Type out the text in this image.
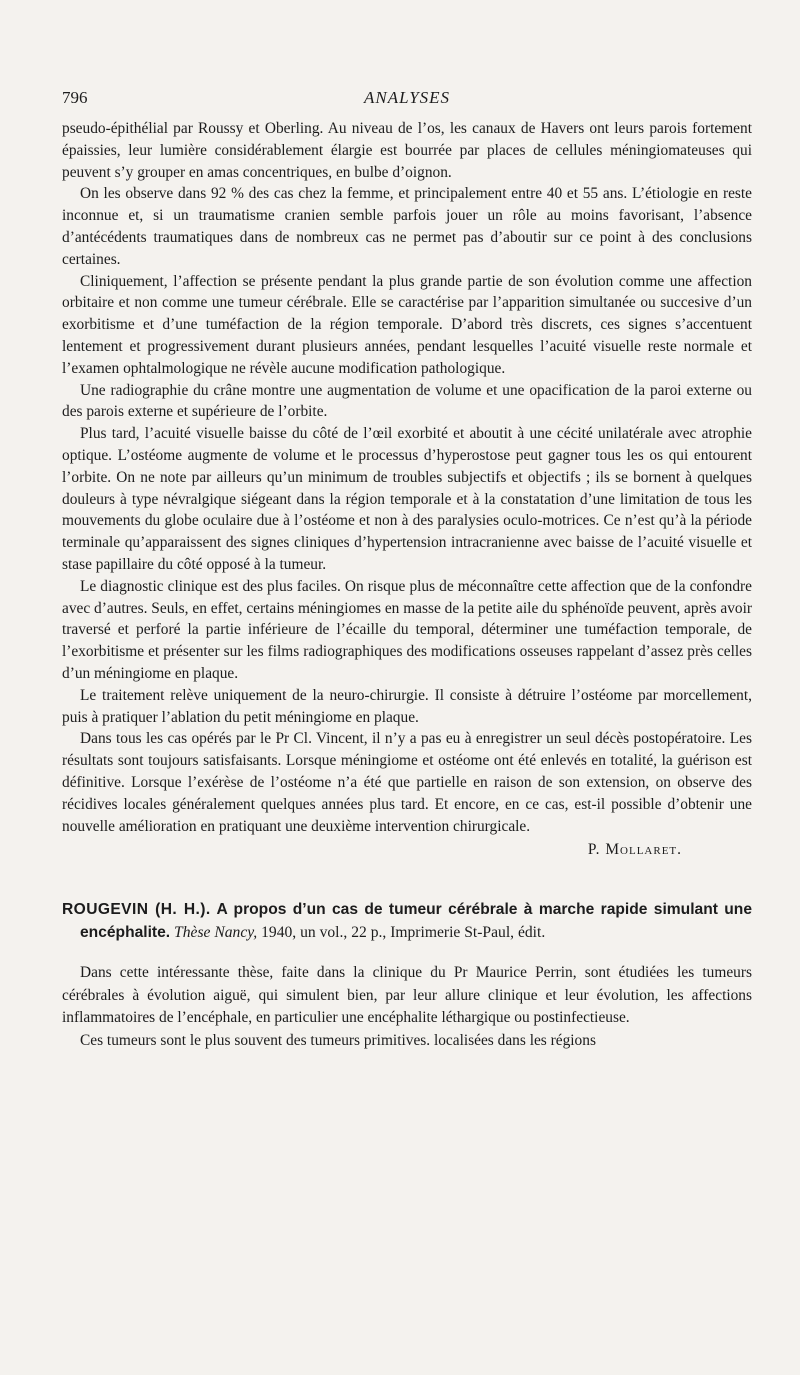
796	ANALYSES

pseudo-épithélial par Roussy et Oberling. Au niveau de l’os, les canaux de Havers ont leurs parois fortement épaissies, leur lumière considérablement élargie est bourrée par places de cellules méningiomateuses qui peuvent s’y grouper en amas concentriques, en bulbe d’oignon.

On les observe dans 92 % des cas chez la femme, et principalement entre 40 et 55 ans. L’étiologie en reste inconnue et, si un traumatisme cranien semble parfois jouer un rôle au moins favorisant, l’absence d’antécédents traumatiques dans de nombreux cas ne permet pas d’aboutir sur ce point à des conclusions certaines.

Cliniquement, l’affection se présente pendant la plus grande partie de son évolution comme une affection orbitaire et non comme une tumeur cérébrale. Elle se caractérise par l’apparition simultanée ou succesive d’un exorbitisme et d’une tuméfaction de la région temporale. D’abord très discrets, ces signes s’accentuent lentement et progressivement durant plusieurs années, pendant lesquelles l’acuité visuelle reste normale et l’examen ophtalmologique ne révèle aucune modification pathologique.

Une radiographie du crâne montre une augmentation de volume et une opacification de la paroi externe ou des parois externe et supérieure de l’orbite.

Plus tard, l’acuité visuelle baisse du côté de l’œil exorbité et aboutit à une cécité unilatérale avec atrophie optique. L’ostéome augmente de volume et le processus d’hyperostose peut gagner tous les os qui entourent l’orbite. On ne note par ailleurs qu’un minimum de troubles subjectifs et objectifs ; ils se bornent à quelques douleurs à type névralgique siégeant dans la région temporale et à la constatation d’une limitation de tous les mouvements du globe oculaire due à l’ostéome et non à des paralysies oculo-motrices. Ce n’est qu’à la période terminale qu’apparaissent des signes cliniques d’hypertension intracranienne avec baisse de l’acuité visuelle et stase papillaire du côté opposé à la tumeur.

Le diagnostic clinique est des plus faciles. On risque plus de méconnaître cette affection que de la confondre avec d’autres. Seuls, en effet, certains méningiomes en masse de la petite aile du sphénoïde peuvent, après avoir traversé et perforé la partie inférieure de l’écaille du temporal, déterminer une tuméfaction temporale, de l’exorbitisme et présenter sur les films radiographiques des modifications osseuses rappelant d’assez près celles d’un méningiome en plaque.

Le traitement relève uniquement de la neuro-chirurgie. Il consiste à détruire l’ostéome par morcellement, puis à pratiquer l’ablation du petit méningiome en plaque.

Dans tous les cas opérés par le Pr Cl. Vincent, il n’y a pas eu à enregistrer un seul décès postopératoire. Les résultats sont toujours satisfaisants. Lorsque méningiome et ostéome ont été enlevés en totalité, la guérison est définitive. Lorsque l’exérèse de l’ostéome n’a été que partielle en raison de son extension, on observe des récidives locales généralement quelques années plus tard. Et encore, en ce cas, est-il possible d’obtenir une nouvelle amélioration en pratiquant une deuxième intervention chirurgicale.

P. Mollaret.

ROUGEVIN (H. H.). A propos d’un cas de tumeur cérébrale à marche rapide simulant une encéphalite. Thèse Nancy, 1940, un vol., 22 p., Imprimerie St-Paul, édit.

Dans cette intéressante thèse, faite dans la clinique du Pr Maurice Perrin, sont étudiées les tumeurs cérébrales à évolution aiguë, qui simulent bien, par leur allure clinique et leur évolution, les affections inflammatoires de l’encéphale, en particulier une encéphalite léthargique ou postinfectieuse.

Ces tumeurs sont le plus souvent des tumeurs primitives. localisées dans les régions
